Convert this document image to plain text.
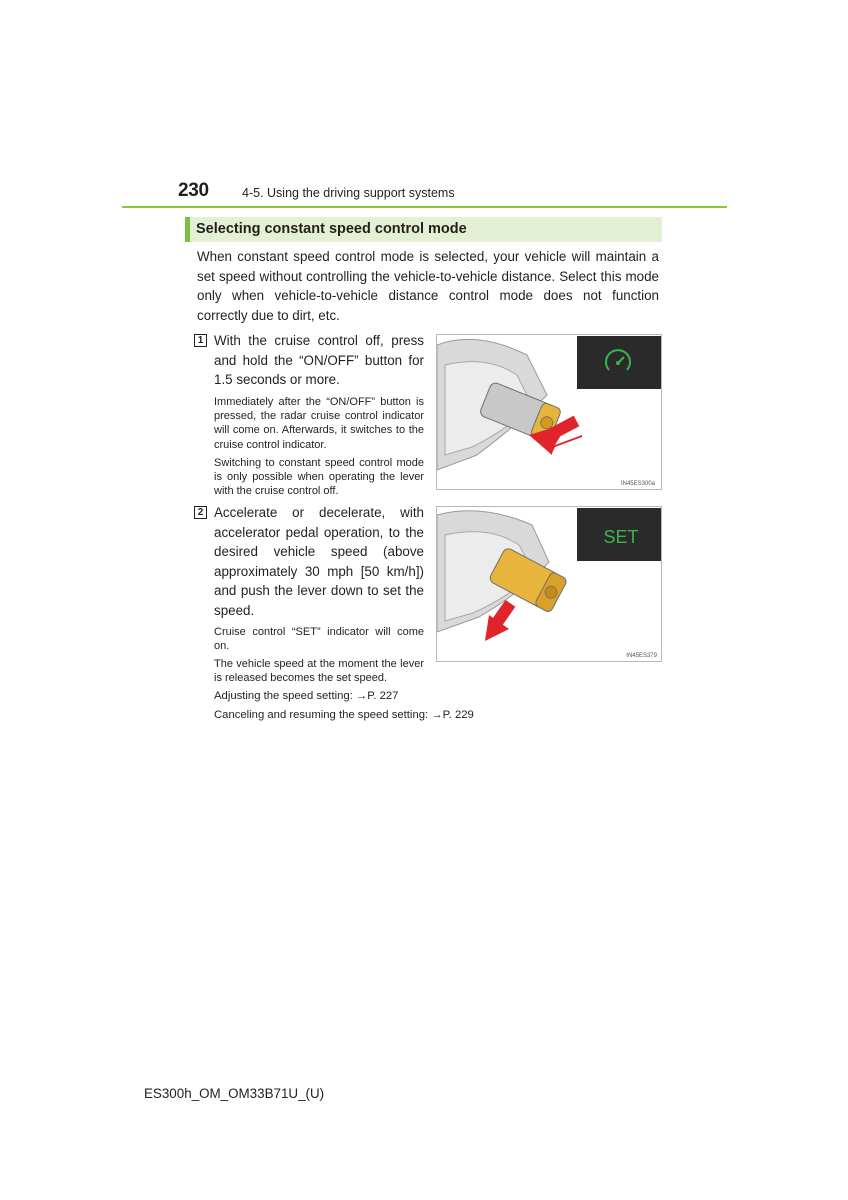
230	4-5. Using the driving support systems
Selecting constant speed control mode
When constant speed control mode is selected, your vehicle will maintain a set speed without controlling the vehicle-to-vehicle distance. Select this mode only when vehicle-to-vehicle distance control mode does not function correctly due to dirt, etc.
1 With the cruise control off, press and hold the “ON/OFF” button for 1.5 seconds or more.
Immediately after the “ON/OFF” button is pressed, the radar cruise control indicator will come on. Afterwards, it switches to the cruise control indicator.
Switching to constant speed control mode is only possible when operating the lever with the cruise control off.
IN45ES300a
2 Accelerate or decelerate, with accelerator pedal operation, to the desired vehicle speed (above approximately 30 mph [50 km/h]) and push the lever down to set the speed.
Cruise control “SET” indicator will come on.
The vehicle speed at the moment the lever is released becomes the set speed.
Adjusting the speed setting: →P. 227
Canceling and resuming the speed setting: →P. 229
SET
IN45ES379
ES300h_OM_OM33B71U_(U)
